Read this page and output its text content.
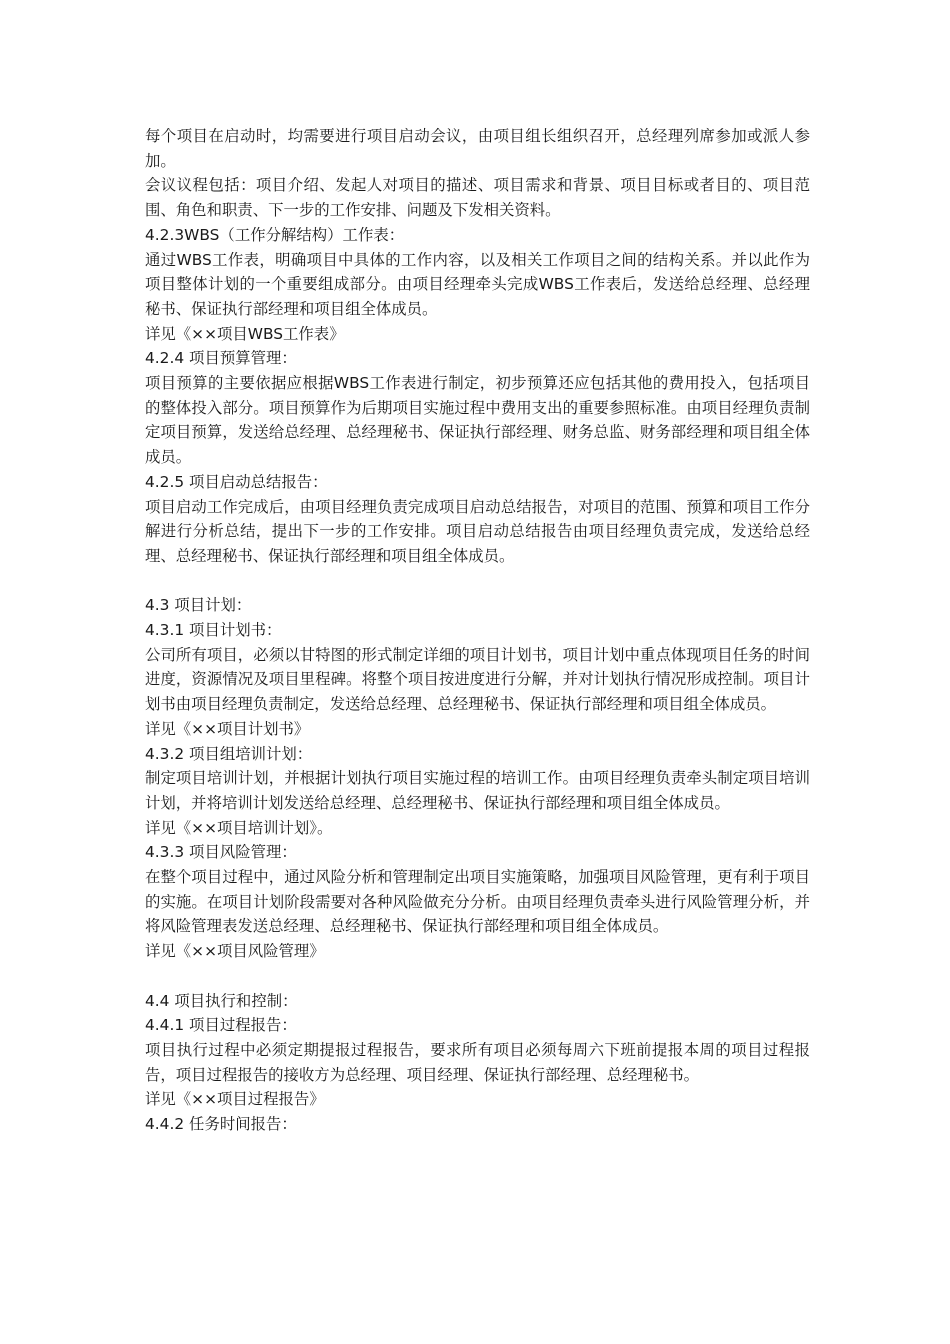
每个项目在启动时，均需要进行项目启动会议，由项目组长组织召开，总经理列席参加或派人参加。

会议议程包括：项目介绍、发起人对项目的描述、项目需求和背景、项目目标或者目的、项目范围、角色和职责、下一步的工作安排、问题及下发相关资料。

4.2.3WBS（工作分解结构）工作表：

通过WBS工作表，明确项目中具体的工作内容，以及相关工作项目之间的结构关系。并以此作为项目整体计划的一个重要组成部分。由项目经理牵头完成WBS工作表后，发送给总经理、总经理秘书、保证执行部经理和项目组全体成员。

详见《××项目WBS工作表》

4.2.4 项目预算管理：

项目预算的主要依据应根据WBS工作表进行制定，初步预算还应包括其他的费用投入，包括项目的整体投入部分。项目预算作为后期项目实施过程中费用支出的重要参照标准。由项目经理负责制定项目预算，发送给总经理、总经理秘书、保证执行部经理、财务总监、财务部经理和项目组全体成员。

4.2.5 项目启动总结报告：

项目启动工作完成后，由项目经理负责完成项目启动总结报告，对项目的范围、预算和项目工作分解进行分析总结，提出下一步的工作安排。项目启动总结报告由项目经理负责完成，发送给总经理、总经理秘书、保证执行部经理和项目组全体成员。

4.3 项目计划：

4.3.1 项目计划书：

公司所有项目，必须以甘特图的形式制定详细的项目计划书，项目计划中重点体现项目任务的时间进度，资源情况及项目里程碑。将整个项目按进度进行分解，并对计划执行情况形成控制。项目计划书由项目经理负责制定，发送给总经理、总经理秘书、保证执行部经理和项目组全体成员。

详见《××项目计划书》

4.3.2 项目组培训计划：

制定项目培训计划，并根据计划执行项目实施过程的培训工作。由项目经理负责牵头制定项目培训计划，并将培训计划发送给总经理、总经理秘书、保证执行部经理和项目组全体成员。

详见《××项目培训计划》。

4.3.3 项目风险管理：

在整个项目过程中，通过风险分析和管理制定出项目实施策略，加强项目风险管理，更有利于项目的实施。在项目计划阶段需要对各种风险做充分分析。由项目经理负责牵头进行风险管理分析，并将风险管理表发送总经理、总经理秘书、保证执行部经理和项目组全体成员。

详见《××项目风险管理》

4.4 项目执行和控制：

4.4.1 项目过程报告：

项目执行过程中必须定期提报过程报告，要求所有项目必须每周六下班前提报本周的项目过程报告，项目过程报告的接收方为总经理、项目经理、保证执行部经理、总经理秘书。

详见《××项目过程报告》

4.4.2 任务时间报告：
